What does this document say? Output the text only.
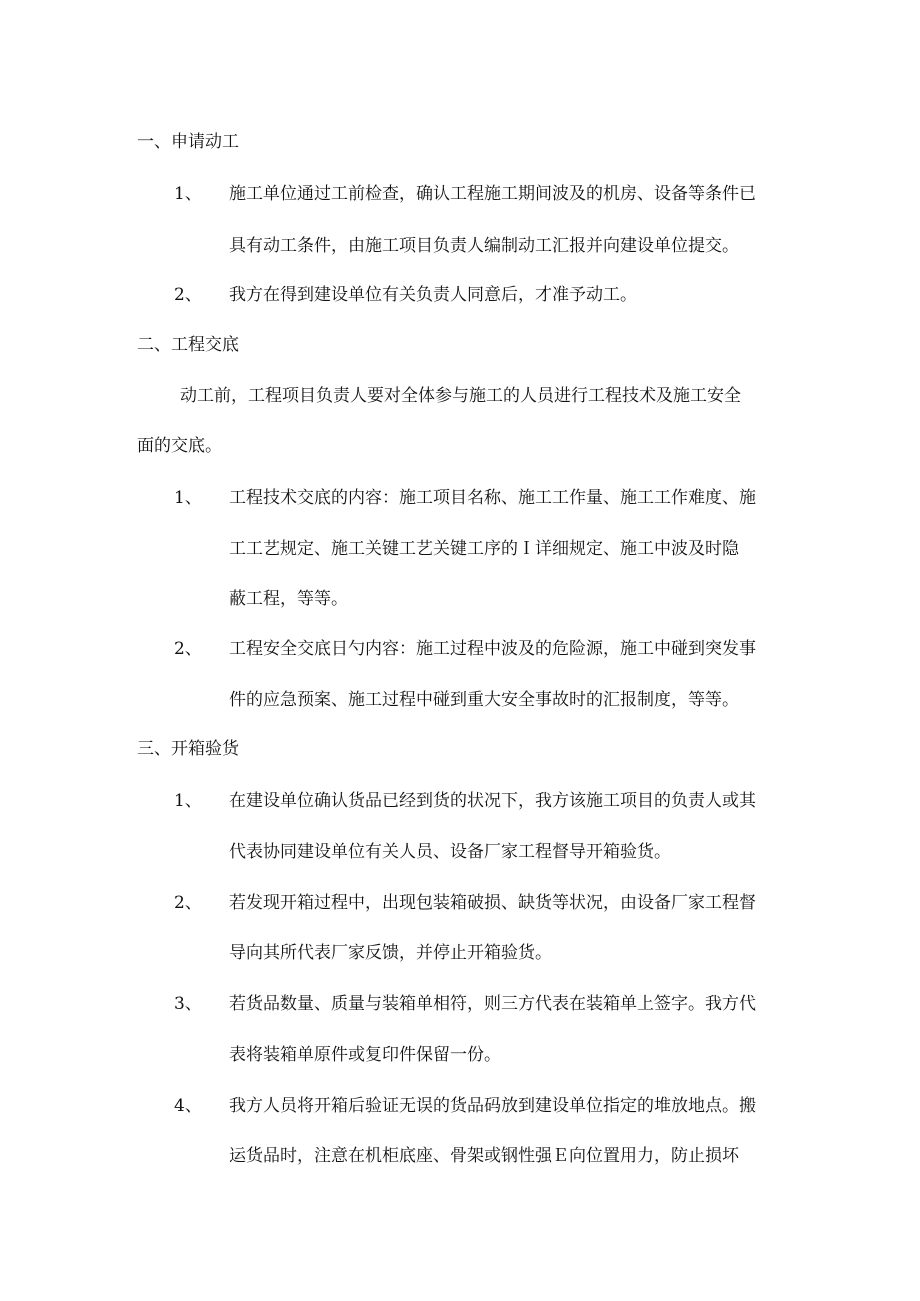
一、申请动工
1、 施工单位通过工前检查，确认工程施工期间波及的机房、设备等条件已
具有动工条件，由施工项目负责人编制动工汇报并向建设单位提交。
2、 我方在得到建设单位有关负责人同意后，才准予动工。
二、工程交底
动工前，工程项目负责人要对全体参与施工的人员进行工程技术及施工安全
面的交底。
1、 工程技术交底的内容：施工项目名称、施工工作量、施工工作难度、施
工工艺规定、施工关键工艺关键工序的Ｉ详细规定、施工中波及时隐
蔽工程，等等。
2、 工程安全交底日勺内容：施工过程中波及的危险源，施工中碰到突发事
件的应急预案、施工过程中碰到重大安全事故时的汇报制度，等等。
三、开箱验货
1、 在建设单位确认货品已经到货的状况下，我方该施工项目的负责人或其
代表协同建设单位有关人员、设备厂家工程督导开箱验货。
2、 若发现开箱过程中，出现包装箱破损、缺货等状况，由设备厂家工程督
导向其所代表厂家反馈，并停止开箱验货。
3、 若货品数量、质量与装箱单相符，则三方代表在装箱单上签字。我方代
表将装箱单原件或复印件保留一份。
4、 我方人员将开箱后验证无误的货品码放到建设单位指定的堆放地点。搬
运货品时，注意在机柜底座、骨架或钢性强Ｅ向位置用力，防止损坏
